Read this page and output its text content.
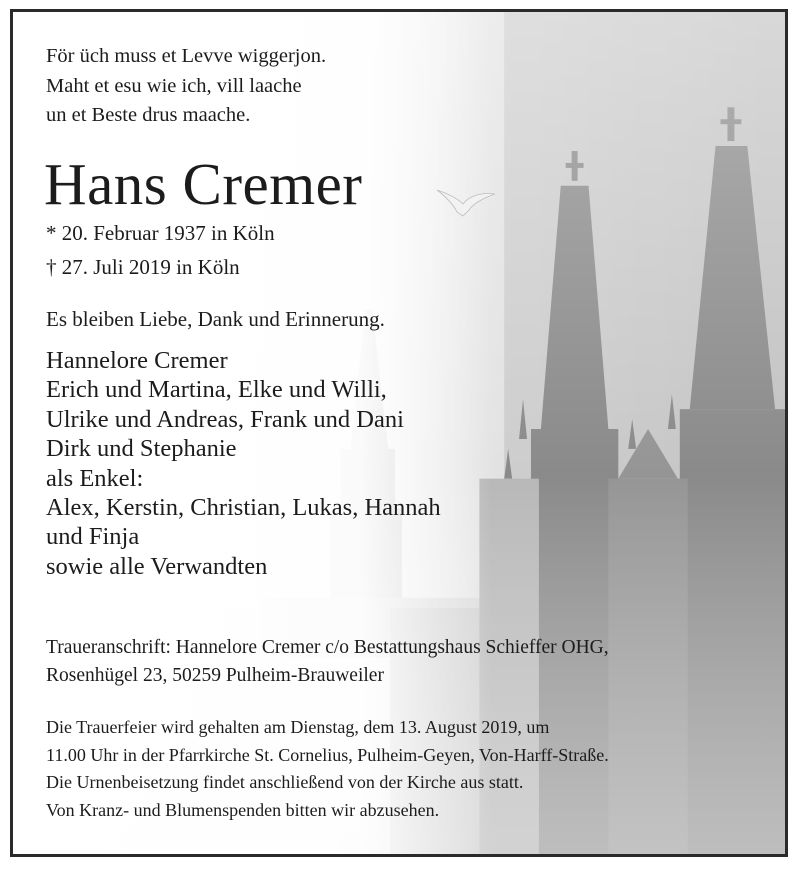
För üch muss et Levve wiggerjon.
Maht et esu wie ich, vill laache
un et Beste drus maache.
Hans Cremer
* 20. Februar 1937 in Köln
† 27. Juli 2019 in Köln
Es bleiben Liebe, Dank und Erinnerung.
Hannelore Cremer
Erich und Martina, Elke und Willi,
Ulrike und Andreas, Frank und Dani
Dirk und Stephanie
als Enkel:
Alex, Kerstin, Christian, Lukas, Hannah
und Finja
sowie alle Verwandten
Traueranschrift: Hannelore Cremer c/o Bestattungshaus Schieffer OHG,
Rosenhügel 23, 50259 Pulheim-Brauweiler
Die Trauerfeier wird gehalten am Dienstag, dem 13. August 2019, um
11.00 Uhr in der Pfarrkirche St. Cornelius, Pulheim-Geyen, Von-Harff-Straße.
Die Urnenbeisetzung findet anschließend von der Kirche aus statt.
Von Kranz- und Blumenspenden bitten wir abzusehen.
